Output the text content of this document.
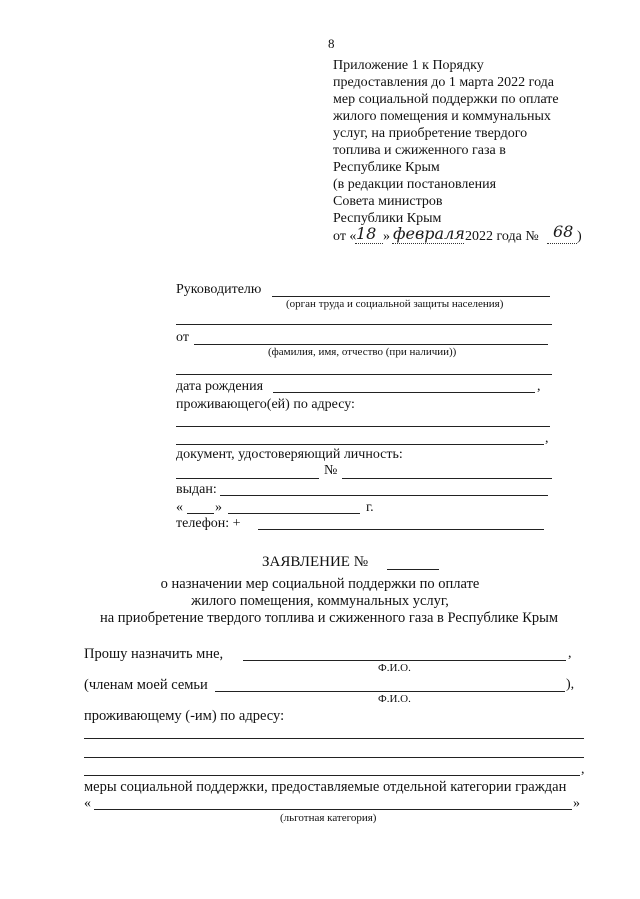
8
Приложение 1 к Порядку
предоставления до 1 марта 2022 года
мер социальной поддержки по оплате
жилого помещения и коммунальных
услуг, на приобретение твердого
топлива и сжиженного газа в
Республике Крым
(в редакции постановления
Совета министров
Республики Крым
от « 18 » февраля 2022 года № 68 )
Руководителю
(орган труда и социальной защиты населения)
от
(фамилия, имя, отчество (при наличии))
дата рождения	,
проживающего(ей) по адресу:
,
документ, удостоверяющий личность:
№
выдан:
« »	г.
телефон: +
ЗАЯВЛЕНИЕ №
о назначении мер социальной поддержки по оплате
жилого помещения, коммунальных услуг,
на приобретение твердого топлива и сжиженного газа в Республике Крым
Прошу назначить мне,	,
Ф.И.О.
(членам моей семьи	),
Ф.И.О.
проживающему (-им) по адресу:
,
меры социальной поддержки, предоставляемые отдельной категории граждан
«	»
(льготная категория)
